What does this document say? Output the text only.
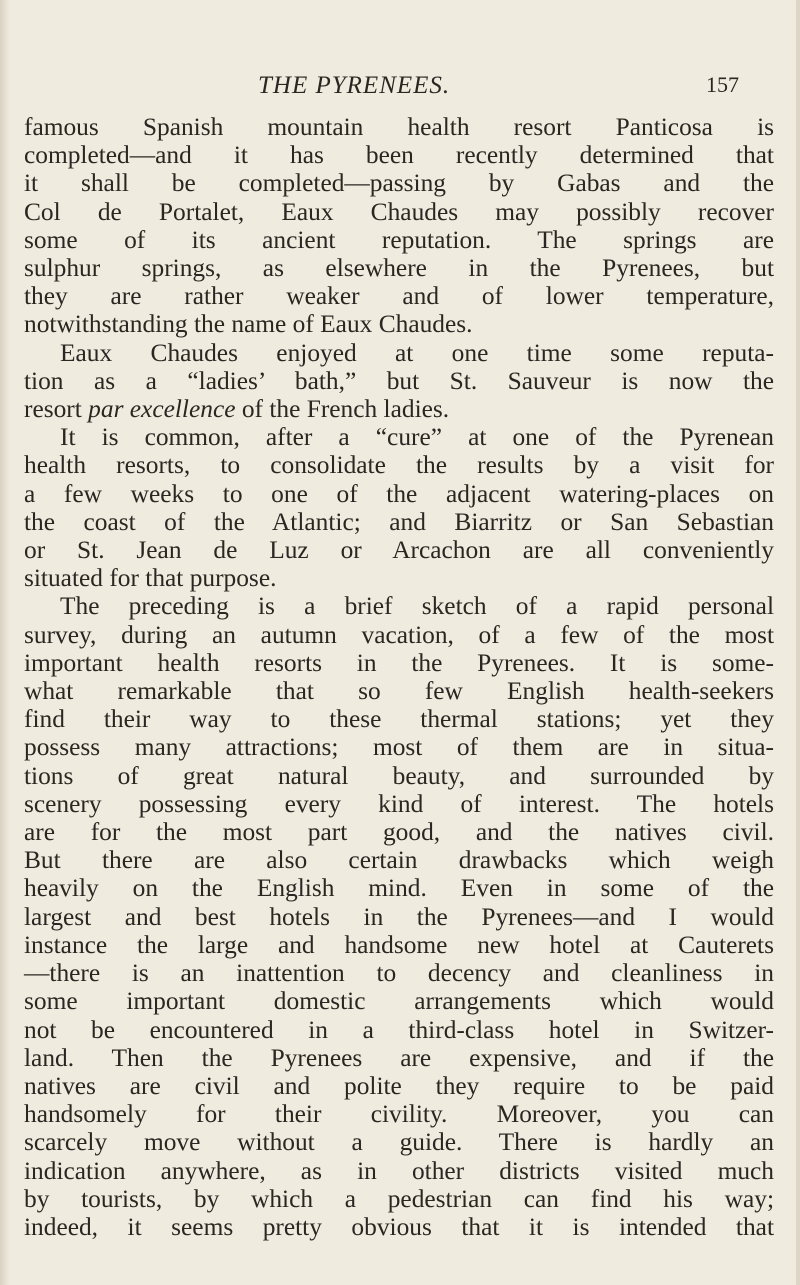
THE PYRENEES.	157
famous Spanish mountain health resort Panticosa is
completed—and it has been recently determined that
it shall be completed—passing by Gabas and the
Col de Portalet, Eaux Chaudes may possibly recover
some of its ancient reputation. The springs are
sulphur springs, as elsewhere in the Pyrenees, but
they are rather weaker and of lower temperature,
notwithstanding the name of Eaux Chaudes.
Eaux Chaudes enjoyed at one time some reputa-
tion as a “ladies’ bath,” but St. Sauveur is now the
resort par excellence of the French ladies.
It is common, after a “cure” at one of the Pyrenean
health resorts, to consolidate the results by a visit for
a few weeks to one of the adjacent watering-places on
the coast of the Atlantic; and Biarritz or San Sebastian
or St. Jean de Luz or Arcachon are all conveniently
situated for that purpose.
The preceding is a brief sketch of a rapid personal
survey, during an autumn vacation, of a few of the most
important health resorts in the Pyrenees. It is some-
what remarkable that so few English health-seekers
find their way to these thermal stations; yet they
possess many attractions; most of them are in situa-
tions of great natural beauty, and surrounded by
scenery possessing every kind of interest. The hotels
are for the most part good, and the natives civil.
But there are also certain drawbacks which weigh
heavily on the English mind. Even in some of the
largest and best hotels in the Pyrenees—and I would
instance the large and handsome new hotel at Cauterets
—there is an inattention to decency and cleanliness in
some important domestic arrangements which would
not be encountered in a third-class hotel in Switzer-
land. Then the Pyrenees are expensive, and if the
natives are civil and polite they require to be paid
handsomely for their civility. Moreover, you can
scarcely move without a guide. There is hardly an
indication anywhere, as in other districts visited much
by tourists, by which a pedestrian can find his way;
indeed, it seems pretty obvious that it is intended that
